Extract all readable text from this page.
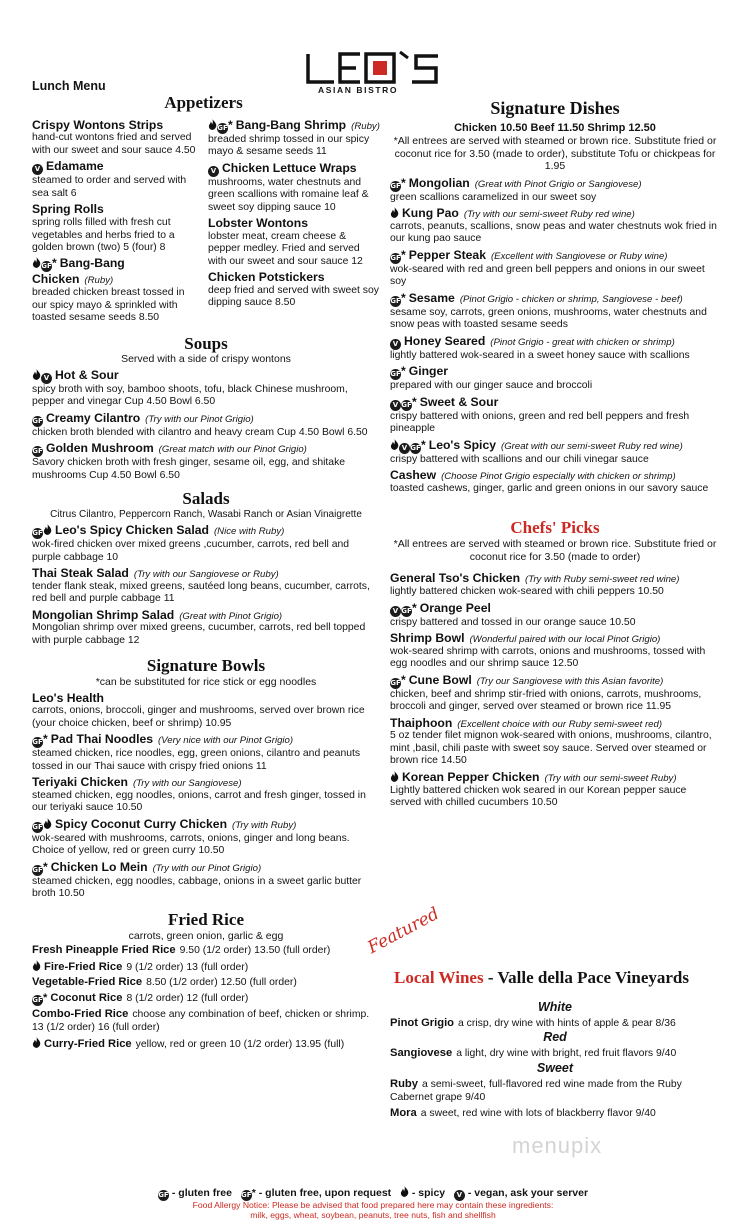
Lunch Menu	ASIAN BISTRO
Appetizers
Crispy Wontons Strips
hand-cut wontons fried and served with our sweet and sour sauce 4.50
V Edamame
steamed to order and served with sea salt 6
Spring Rolls
spring rolls filled with fresh cut vegetables and herbs fried to a golden brown (two) 5 (four) 8
GF* Bang-Bang Chicken (Ruby)
breaded chicken breast tossed in our spicy mayo & sprinkled with toasted sesame seeds 8.50
GF* Bang-Bang Shrimp (Ruby)
breaded shrimp tossed in our spicy mayo & sesame seeds 11
V Chicken Lettuce Wraps
mushrooms, water chestnuts and green scallions with romaine leaf & sweet soy dipping sauce 10
Lobster Wontons
lobster meat, cream cheese & pepper medley. Fried and served with our sweet and sour sauce 12
Chicken Potstickers
deep fried and served with sweet soy dipping sauce 8.50
Soups
Served with a side of crispy wontons
V Hot & Sour
spicy broth with soy, bamboo shoots, tofu, black Chinese mushroom, pepper and vinegar Cup 4.50 Bowl 6.50
GF Creamy Cilantro (Try with our Pinot Grigio)
chicken broth blended with cilantro and heavy cream Cup 4.50 Bowl 6.50
GF Golden Mushroom (Great match with our Pinot Grigio)
Savory chicken broth with fresh ginger, sesame oil, egg, and shitake mushrooms Cup 4.50 Bowl 6.50
Salads
Citrus Cilantro, Peppercorn Ranch, Wasabi Ranch or Asian Vinaigrette
GF Leo's Spicy Chicken Salad (Nice with Ruby)
wok-fired chicken over mixed greens ,cucumber, carrots, red bell and purple cabbage 10
Thai Steak Salad (Try with our Sangiovese or Ruby)
tender flank steak, mixed greens, sautéed long beans, cucumber, carrots, red bell and purple cabbage 11
Mongolian Shrimp Salad (Great with Pinot Grigio)
Mongolian shrimp over mixed greens, cucumber, carrots, red bell topped with purple cabbage 12
Signature Bowls
*can be substituted for rice stick or egg noodles
Leo's Health
carrots, onions, broccoli, ginger and mushrooms, served over brown rice (your choice chicken, beef or shrimp) 10.95
GF* Pad Thai Noodles (Very nice with our Pinot Grigio)
steamed chicken, rice noodles, egg, green onions, cilantro and peanuts tossed in our Thai sauce with crispy fried onions 11
Teriyaki Chicken (Try with our Sangiovese)
steamed chicken, egg noodles, onions, carrot and fresh ginger, tossed in our teriyaki sauce 10.50
GF Spicy Coconut Curry Chicken (Try with Ruby)
wok-seared with mushrooms, carrots, onions, ginger and long beans. Choice of yellow, red or green curry 10.50
GF* Chicken Lo Mein (Try with our Pinot Grigio)
steamed chicken, egg noodles, cabbage, onions in a sweet garlic butter broth 10.50
Fried Rice
carrots, green onion, garlic & egg
Fresh Pineapple Fried Rice 9.50 (1/2 order) 13.50 (full order)
Fire-Fried Rice 9 (1/2 order) 13 (full order)
Vegetable-Fried Rice 8.50 (1/2 order) 12.50 (full order)
GF* Coconut Rice 8 (1/2 order) 12 (full order)
Combo-Fried Rice choose any combination of beef, chicken or shrimp. 13 (1/2 order) 16 (full order)
Curry-Fried Rice yellow, red or green 10 (1/2 order) 13.95 (full)
Signature Dishes
Chicken 10.50 Beef 11.50 Shrimp 12.50
*All entrees are served with steamed or brown rice. Substitute fried or coconut rice for 3.50 (made to order), substitute Tofu or chickpeas for 1.95
GF* Mongolian (Great with Pinot Grigio or Sangiovese)
green scallions caramelized in our sweet soy
Kung Pao (Try with our semi-sweet Ruby red wine)
carrots, peanuts, scallions, snow peas and water chestnuts wok fried in our kung pao sauce
GF* Pepper Steak (Excellent with Sangiovese or Ruby wine)
wok-seared with red and green bell peppers and onions in our sweet soy
GF* Sesame (Pinot Grigio - chicken or shrimp, Sangiovese - beef)
sesame soy, carrots, green onions, mushrooms, water chestnuts and snow peas with toasted sesame seeds
V Honey Seared (Pinot Grigio - great with chicken or shrimp)
lightly battered wok-seared in a sweet honey sauce with scallions
GF* Ginger
prepared with our ginger sauce and broccoli
V GF* Sweet & Sour
crispy battered with onions, green and red bell peppers and fresh pineapple
V GF* Leo's Spicy (Great with our semi-sweet Ruby red wine)
crispy battered with scallions and our chili vinegar sauce
Cashew (Choose Pinot Grigio especially with chicken or shrimp)
toasted cashews, ginger, garlic and green onions in our savory sauce
Chefs' Picks
*All entrees are served with steamed or brown rice. Substitute fried or coconut rice for 3.50 (made to order)
General Tso's Chicken (Try with Ruby semi-sweet red wine)
lightly battered chicken wok-seared with chili peppers 10.50
V GF* Orange Peel
crispy battered and tossed in our orange sauce 10.50
Shrimp Bowl (Wonderful paired with our local Pinot Grigio)
wok-seared shrimp with carrots, onions and mushrooms, tossed with egg noodles and our shrimp sauce 12.50
GF* Cune Bowl (Try our Sangiovese with this Asian favorite)
chicken, beef and shrimp stir-fried with onions, carrots, mushrooms, broccoli and ginger, served over steamed or brown rice 11.95
Thaiphoon (Excellent choice with our Ruby semi-sweet red)
5 oz tender filet mignon wok-seared with onions, mushrooms, cilantro, mint ,basil, chili paste with sweet soy sauce. Served over steamed or brown rice 14.50
Korean Pepper Chicken (Try with our semi-sweet Ruby)
Lightly battered chicken wok seared in our Korean pepper sauce served with chilled cucumbers 10.50
Featured
Local Wines - Valle della Pace Vineyards
White
Pinot Grigio a crisp, dry wine with hints of apple & pear 8/36
Red
Sangiovese a light, dry wine with bright, red fruit flavors 9/40
Sweet
Ruby a semi-sweet, full-flavored red wine made from the Ruby Cabernet grape 9/40
Mora a sweet, red wine with lots of blackberry flavor 9/40
menupix
GF - gluten free GF* - gluten free, upon request - spicy V - vegan, ask your server
Food Allergy Notice: Please be advised that food prepared here may contain these ingredients:
milk, eggs, wheat, soybean, peanuts, tree nuts, fish and shellfish
